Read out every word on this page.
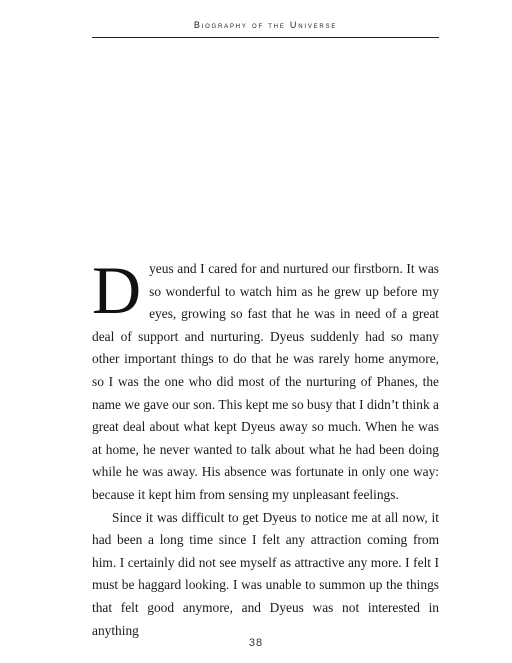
Biography of the Universe

Dyeus and I cared for and nurtured our firstborn. It was so wonderful to watch him as he grew up before my eyes, growing so fast that he was in need of a great deal of support and nurturing. Dyeus suddenly had so many other important things to do that he was rarely home anymore, so I was the one who did most of the nurturing of Phanes, the name we gave our son. This kept me so busy that I didn’t think a great deal about what kept Dyeus away so much. When he was at home, he never wanted to talk about what he had been doing while he was away. His absence was fortunate in only one way: because it kept him from sensing my unpleasant feelings.

Since it was difficult to get Dyeus to notice me at all now, it had been a long time since I felt any attraction coming from him. I certainly did not see myself as attractive any more. I felt I must be haggard looking. I was unable to summon up the things that felt good anymore, and Dyeus was not interested in anything

38
